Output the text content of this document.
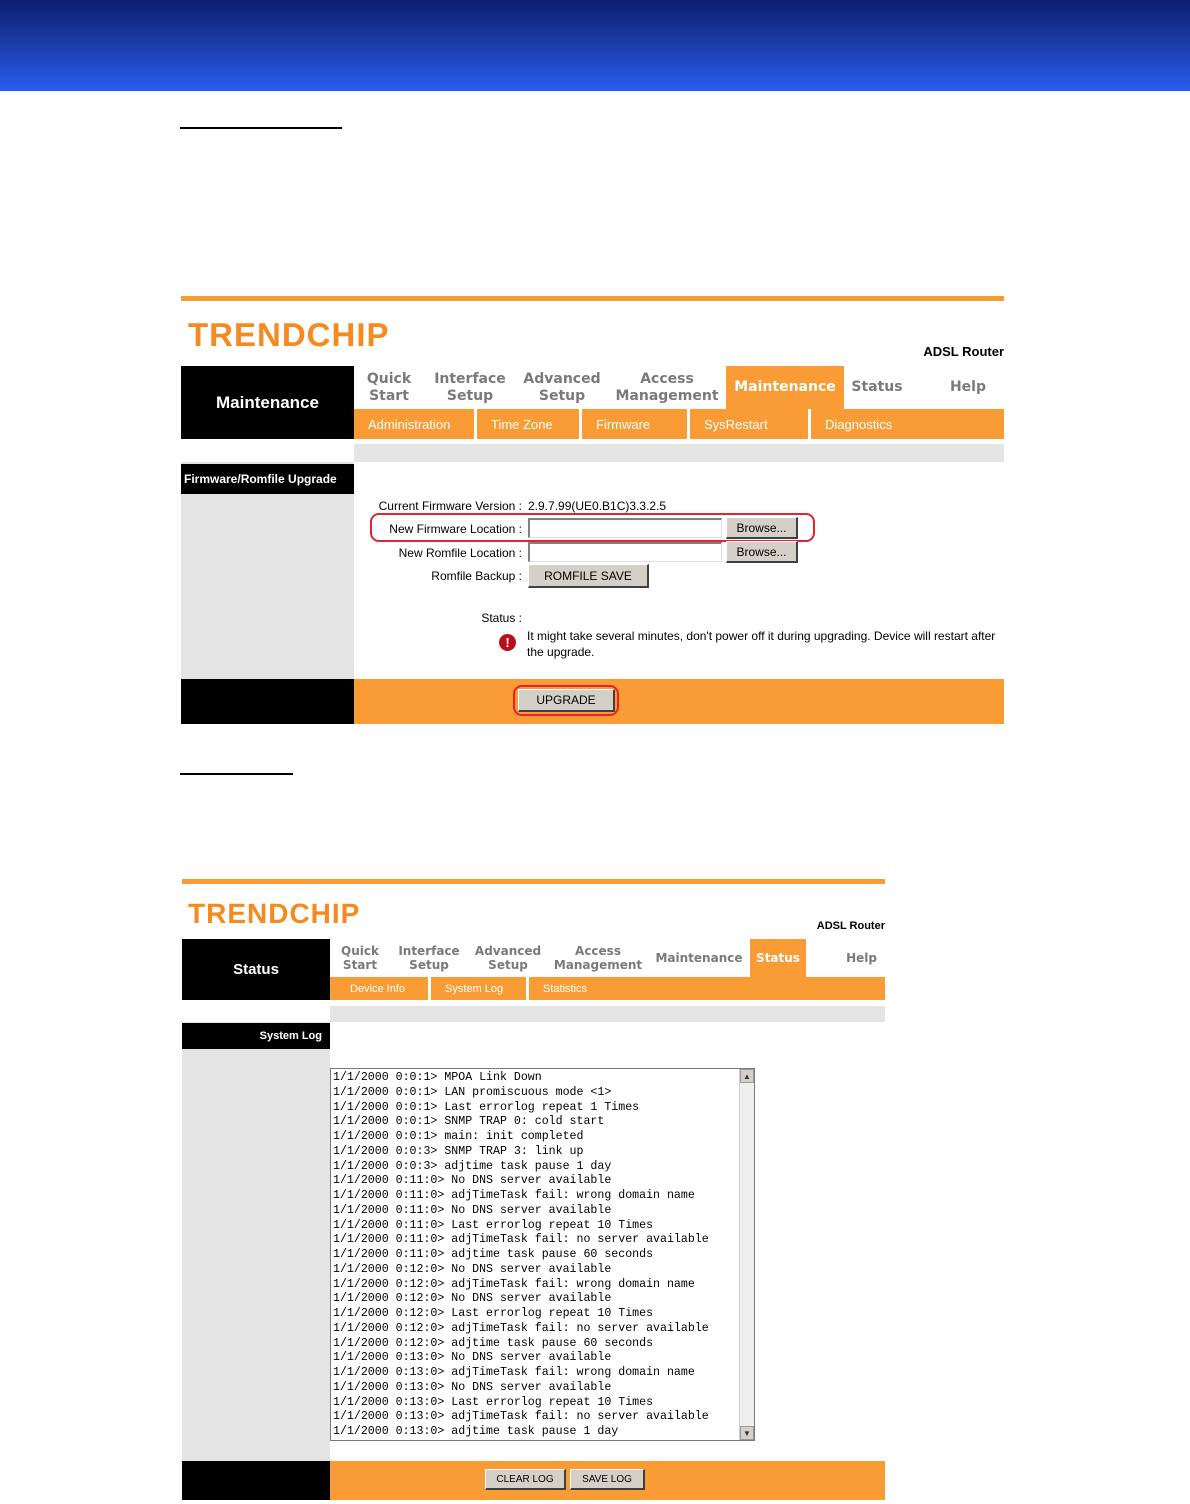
TRENDCHIP	ADSL Router
Maintenance
Quick
Start
Interface
Setup
Advanced
Setup
Access
Management
Maintenance Status	Help
Administration	Time Zone	Firmware	SysRestart	Diagnostics
Firmware/Romfile Upgrade
Current Firmware Version : 2.9.7.99(UE0.B1C)3.3.2.5
New Firmware Location :	Browse...
New Romfile Location :	Browse...
Romfile Backup : ROMFILE SAVE
Status :
!	It might take several minutes, don't power off it during upgrading. Device will restart after the upgrade.
UPGRADE
TRENDCHIP	ADSL Router
Status
Quick
Start
Interface
Setup
Advanced
Setup
Access
Management
Maintenance Status	Help
Device Info	System Log	Statistics
System Log
1/1/2000 0:0:1> MPOA Link Down
1/1/2000 0:0:1> LAN promiscuous mode <1>
1/1/2000 0:0:1> Last errorlog repeat 1 Times
1/1/2000 0:0:1> SNMP TRAP 0: cold start
1/1/2000 0:0:1> main: init completed
1/1/2000 0:0:3> SNMP TRAP 3: link up
1/1/2000 0:0:3> adjtime task pause 1 day
1/1/2000 0:11:0> No DNS server available
1/1/2000 0:11:0> adjTimeTask fail: wrong domain name
1/1/2000 0:11:0> No DNS server available
1/1/2000 0:11:0> Last errorlog repeat 10 Times
1/1/2000 0:11:0> adjTimeTask fail: no server available
1/1/2000 0:11:0> adjtime task pause 60 seconds
1/1/2000 0:12:0> No DNS server available
1/1/2000 0:12:0> adjTimeTask fail: wrong domain name
1/1/2000 0:12:0> No DNS server available
1/1/2000 0:12:0> Last errorlog repeat 10 Times
1/1/2000 0:12:0> adjTimeTask fail: no server available
1/1/2000 0:12:0> adjtime task pause 60 seconds
1/1/2000 0:13:0> No DNS server available
1/1/2000 0:13:0> adjTimeTask fail: wrong domain name
1/1/2000 0:13:0> No DNS server available
1/1/2000 0:13:0> Last errorlog repeat 10 Times
1/1/2000 0:13:0> adjTimeTask fail: no server available
1/1/2000 0:13:0> adjtime task pause 1 day
▲
▼
CLEAR LOG	SAVE LOG
